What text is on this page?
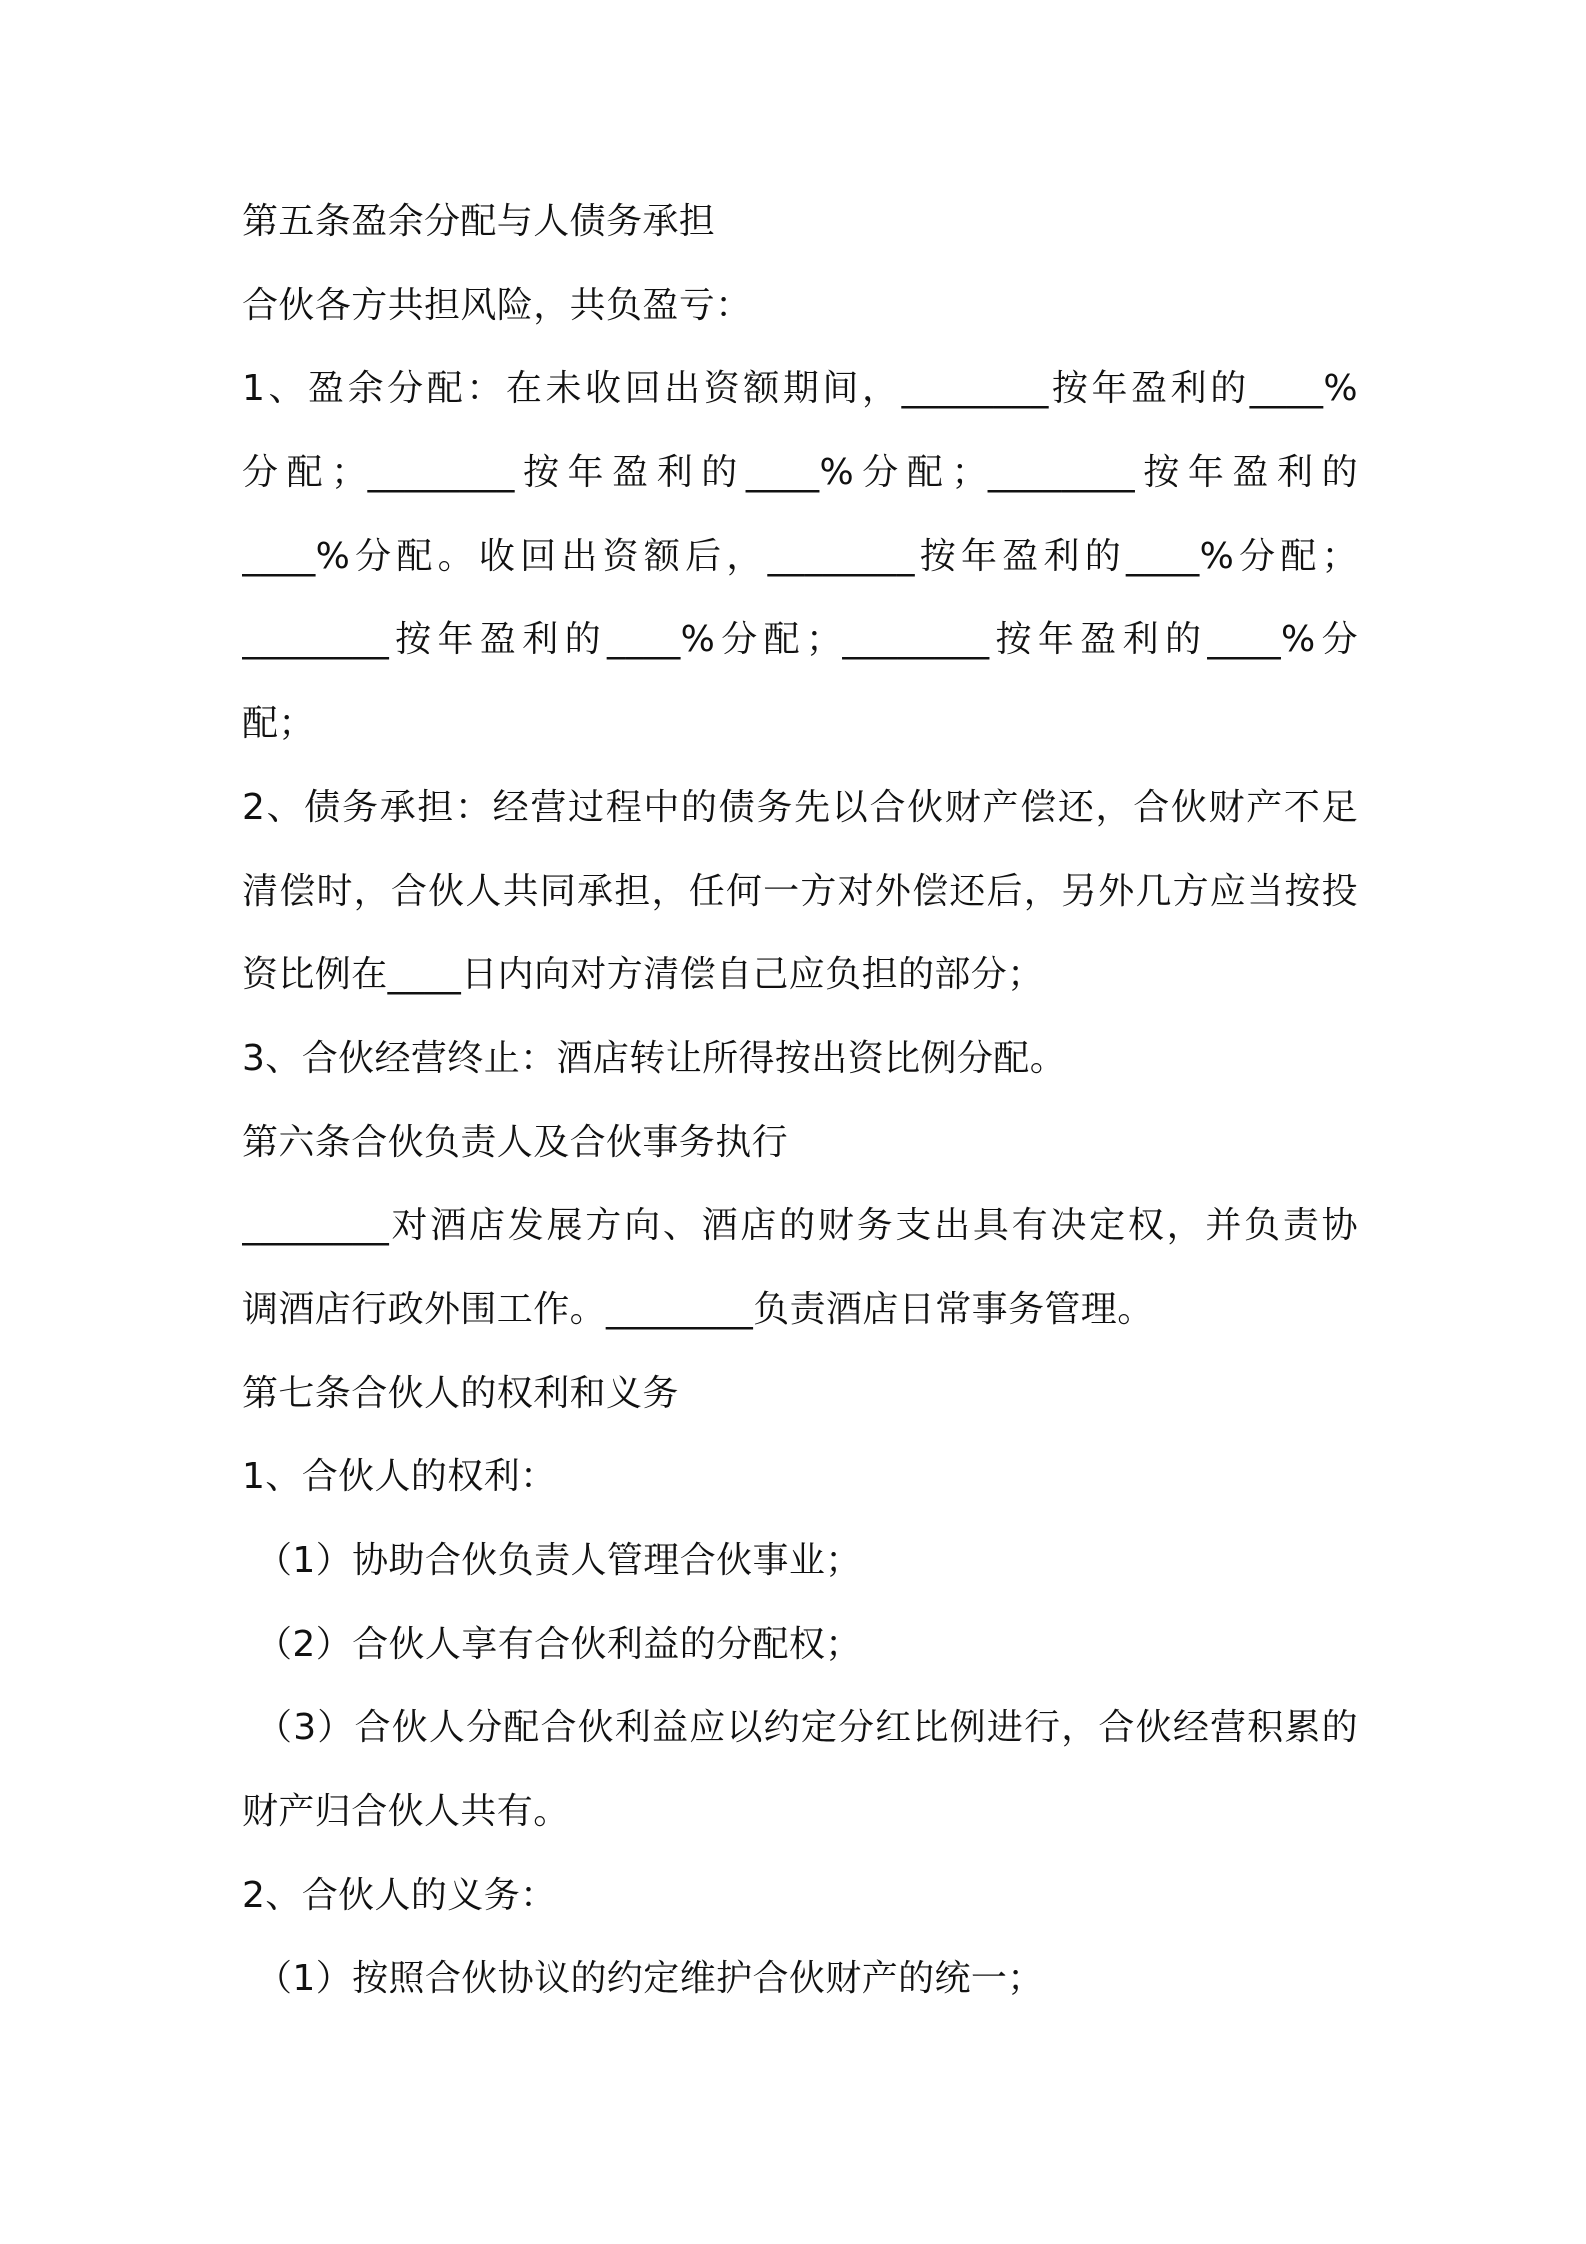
第五条盈余分配与人债务承担
合伙各方共担风险，共负盈亏：
1、盈余分配：在未收回出资额期间，________按年盈利的____%
分配；________按年盈利的____%分配；________按年盈利的
____%分配。收回出资额后，________按年盈利的____%分配；
________按年盈利的____%分配；________按年盈利的____%分
配；
2、债务承担：经营过程中的债务先以合伙财产偿还，合伙财产不足
清偿时，合伙人共同承担，任何一方对外偿还后，另外几方应当按投
资比例在____日内向对方清偿自己应负担的部分；
3、合伙经营终止：酒店转让所得按出资比例分配。
第六条合伙负责人及合伙事务执行
________对酒店发展方向、酒店的财务支出具有决定权，并负责协
调酒店行政外围工作。________负责酒店日常事务管理。
第七条合伙人的权利和义务
1、合伙人的权利：
（1）协助合伙负责人管理合伙事业；
（2）合伙人享有合伙利益的分配权；
（3）合伙人分配合伙利益应以约定分红比例进行，合伙经营积累的
财产归合伙人共有。
2、合伙人的义务：
（1）按照合伙协议的约定维护合伙财产的统一；
